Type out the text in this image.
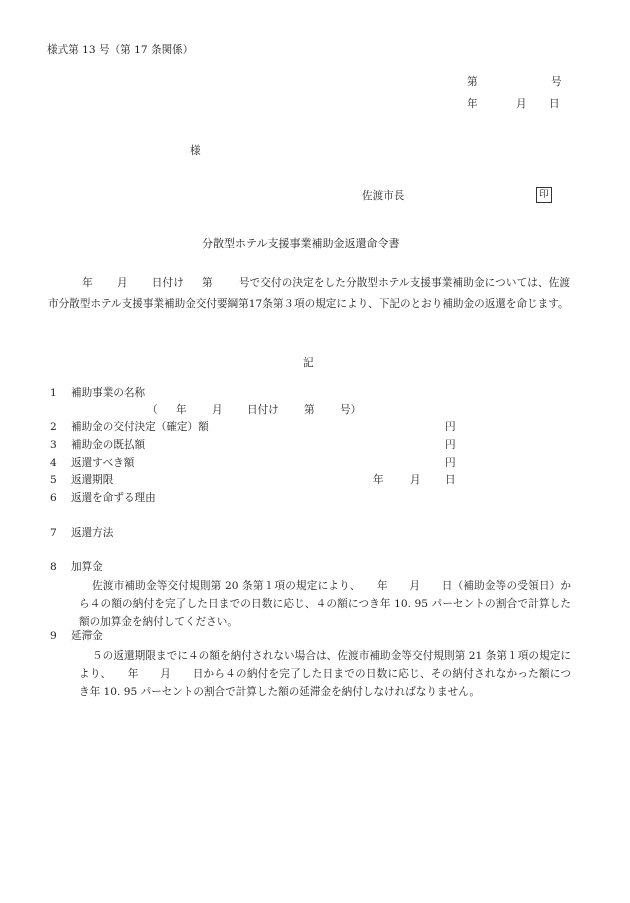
様式第 13 号（第 17 条関係）
第	号
年	月 日
様
佐渡市長	印
分散型ホテル支援事業補助金返還命令書
年 月 日付け 第 号で交付の決定をした分散型ホテル支援事業補助金については、佐渡市分散型ホテル支援事業補助金交付要綱第17条第３項の規定により、下記のとおり補助金の返還を命じます。
記
1 補助事業の名称
（ 年 月 日付け 第 号）
2 補助金の交付決定（確定）額	円
3 補助金の既払額	円
4 返還すべき額	円
5 返還期限	年 月 日
6 返還を命ずる理由
7 返還方法
8 加算金
佐渡市補助金等交付規則第 20 条第１項の規定により、　　年　　月　　日（補助金等の受領日）から４の額の納付を完了した日までの日数に応じ、４の額につき年 10. 95 パーセントの割合で計算した額の加算金を納付してください。
9 延滞金
５の返還期限までに４の額を納付されない場合は、佐渡市補助金等交付規則第 21 条第１項の規定により、　　年　　月　　日から４の納付を完了した日までの日数に応じ、その納付されなかった額につき年 10. 95 パーセントの割合で計算した額の延滞金を納付しなければなりません。
